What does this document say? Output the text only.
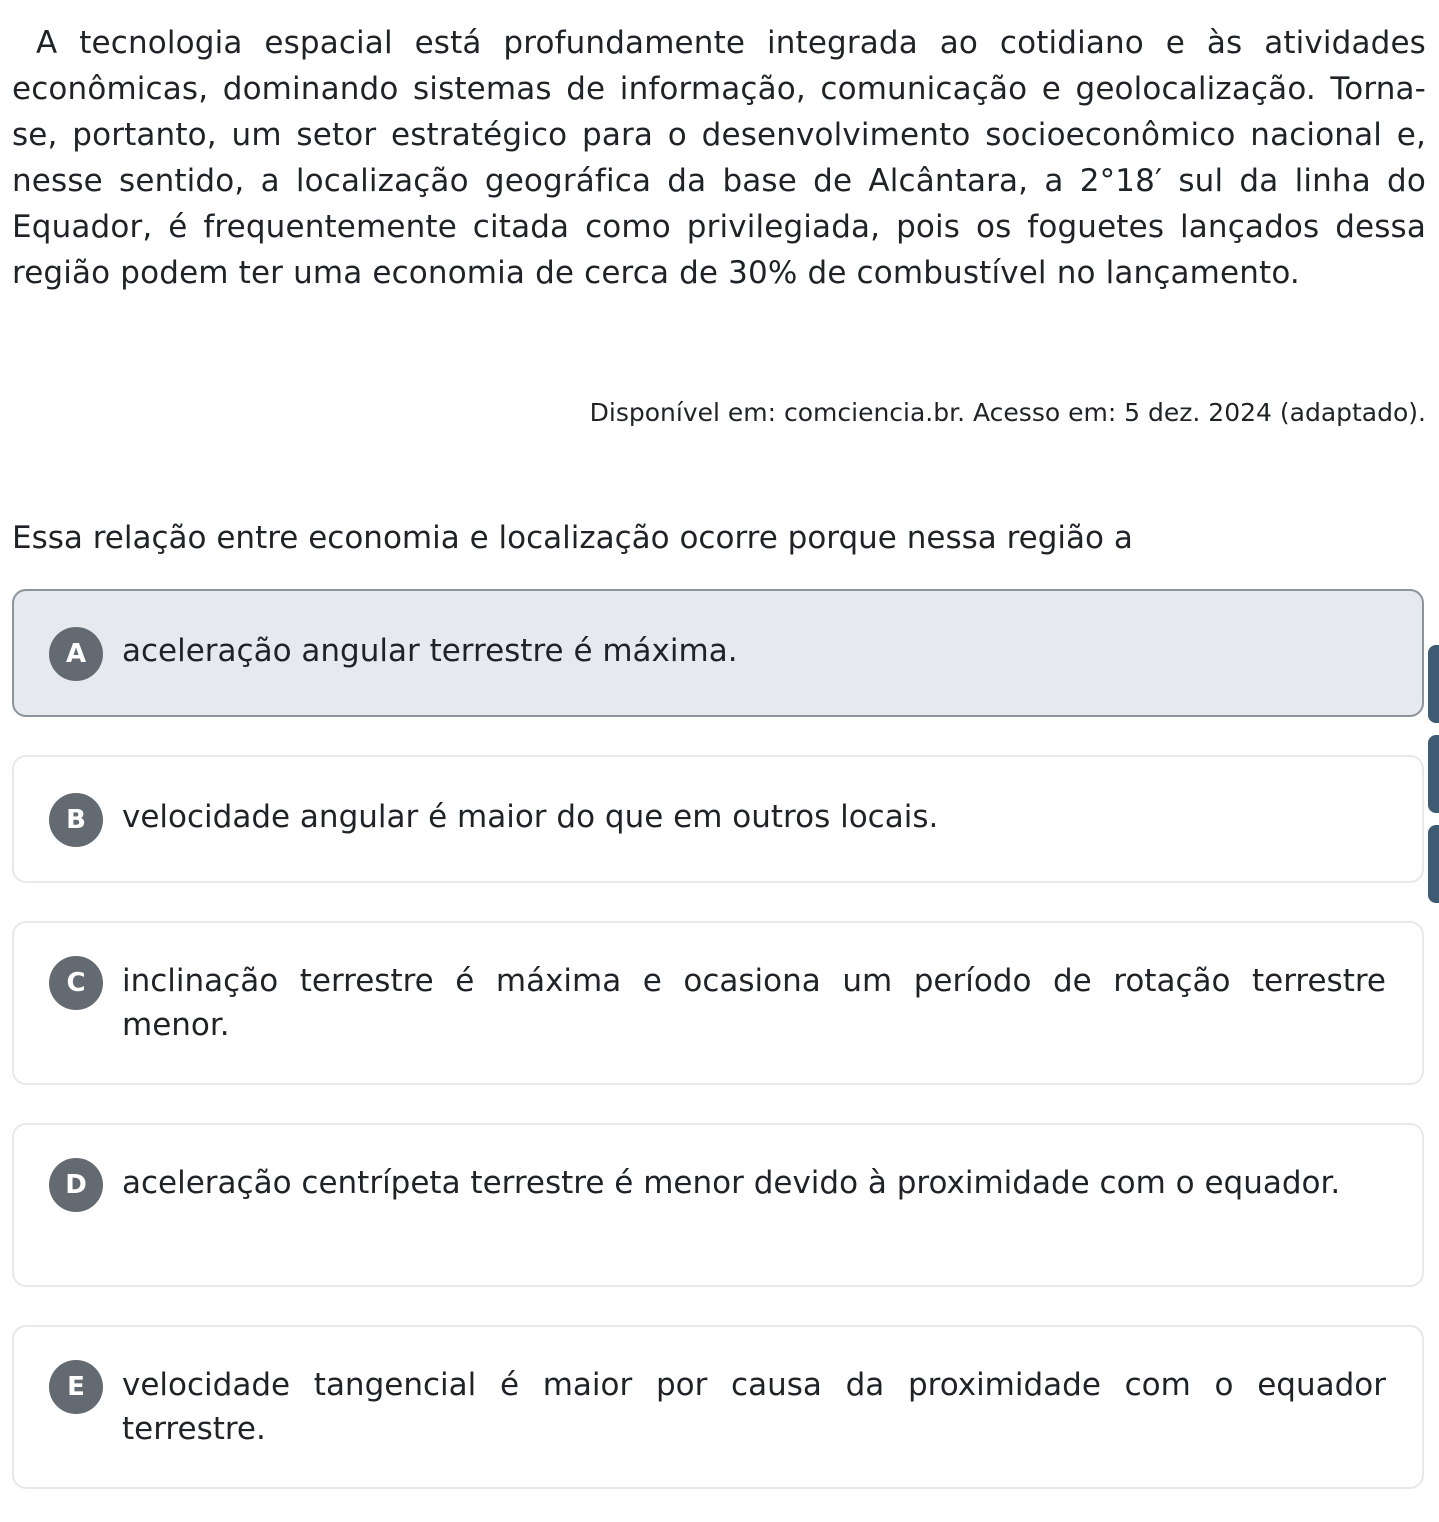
A tecnologia espacial está profundamente integrada ao cotidiano e às atividades econômicas, dominando sistemas de informação, comunicação e geolocalização. Torna-se, portanto, um setor estratégico para o desenvolvimento socioeconômico nacional e, nesse sentido, a localização geográfica da base de Alcântara, a 2°18′ sul da linha do Equador, é frequentemente citada como privilegiada, pois os foguetes lançados dessa região podem ter uma economia de cerca de 30% de combustível no lançamento.

Disponível em: comciencia.br. Acesso em: 5 dez. 2024 (adaptado).

Essa relação entre economia e localização ocorre porque nessa região a

A	aceleração angular terrestre é máxima.

B	velocidade angular é maior do que em outros locais.

C	inclinação terrestre é máxima e ocasiona um período de rotação terrestre menor.

D	aceleração centrípeta terrestre é menor devido à proximidade com o equador.

E	velocidade tangencial é maior por causa da proximidade com o equador terrestre.
